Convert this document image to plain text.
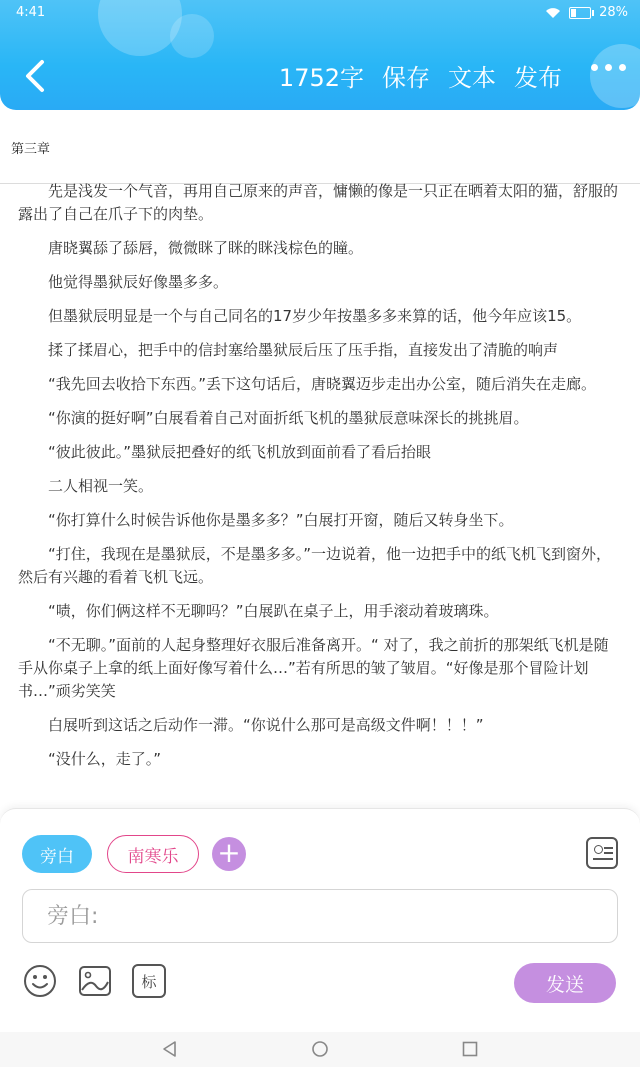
4:41	28%
1752字 保存 文本 发布
第三章

先是浅发一个气音，再用自己原来的声音，慵懒的像是一只正在晒着太阳的猫，舒服的露出了自己在爪子下的肉垫。

唐晓翼舔了舔唇，微微眯了眯的眯浅棕色的瞳。

他觉得墨狱辰好像墨多多。

但墨狱辰明显是一个与自己同名的17岁少年按墨多多来算的话，他今年应该15。

揉了揉眉心，把手中的信封塞给墨狱辰后压了压手指，直接发出了清脆的响声

“我先回去收拾下东西。”丢下这句话后，唐晓翼迈步走出办公室，随后消失在走廊。

“你演的挺好啊”白展看着自己对面折纸飞机的墨狱辰意味深长的挑挑眉。

“彼此彼此。”墨狱辰把叠好的纸飞机放到面前看了看后抬眼

二人相视一笑。

“你打算什么时候告诉他你是墨多多？”白展打开窗，随后又转身坐下。

“打住，我现在是墨狱辰，不是墨多多。”一边说着，他一边把手中的纸飞机飞到窗外，然后有兴趣的看着飞机飞远。

“啧，你们俩这样不无聊吗？”白展趴在桌子上，用手滚动着玻璃珠。

“不无聊。”面前的人起身整理好衣服后准备离开。“ 对了，我之前折的那架纸飞机是随手从你桌子上拿的纸上面好像写着什么…”若有所思的皱了皱眉。“好像是那个冒险计划书…”顽劣笑笑

白展听到这话之后动作一滞。“你说什么那可是高级文件啊！！！”

“没什么，走了。”

旁白	南寒乐	+
旁白:
标	发送
